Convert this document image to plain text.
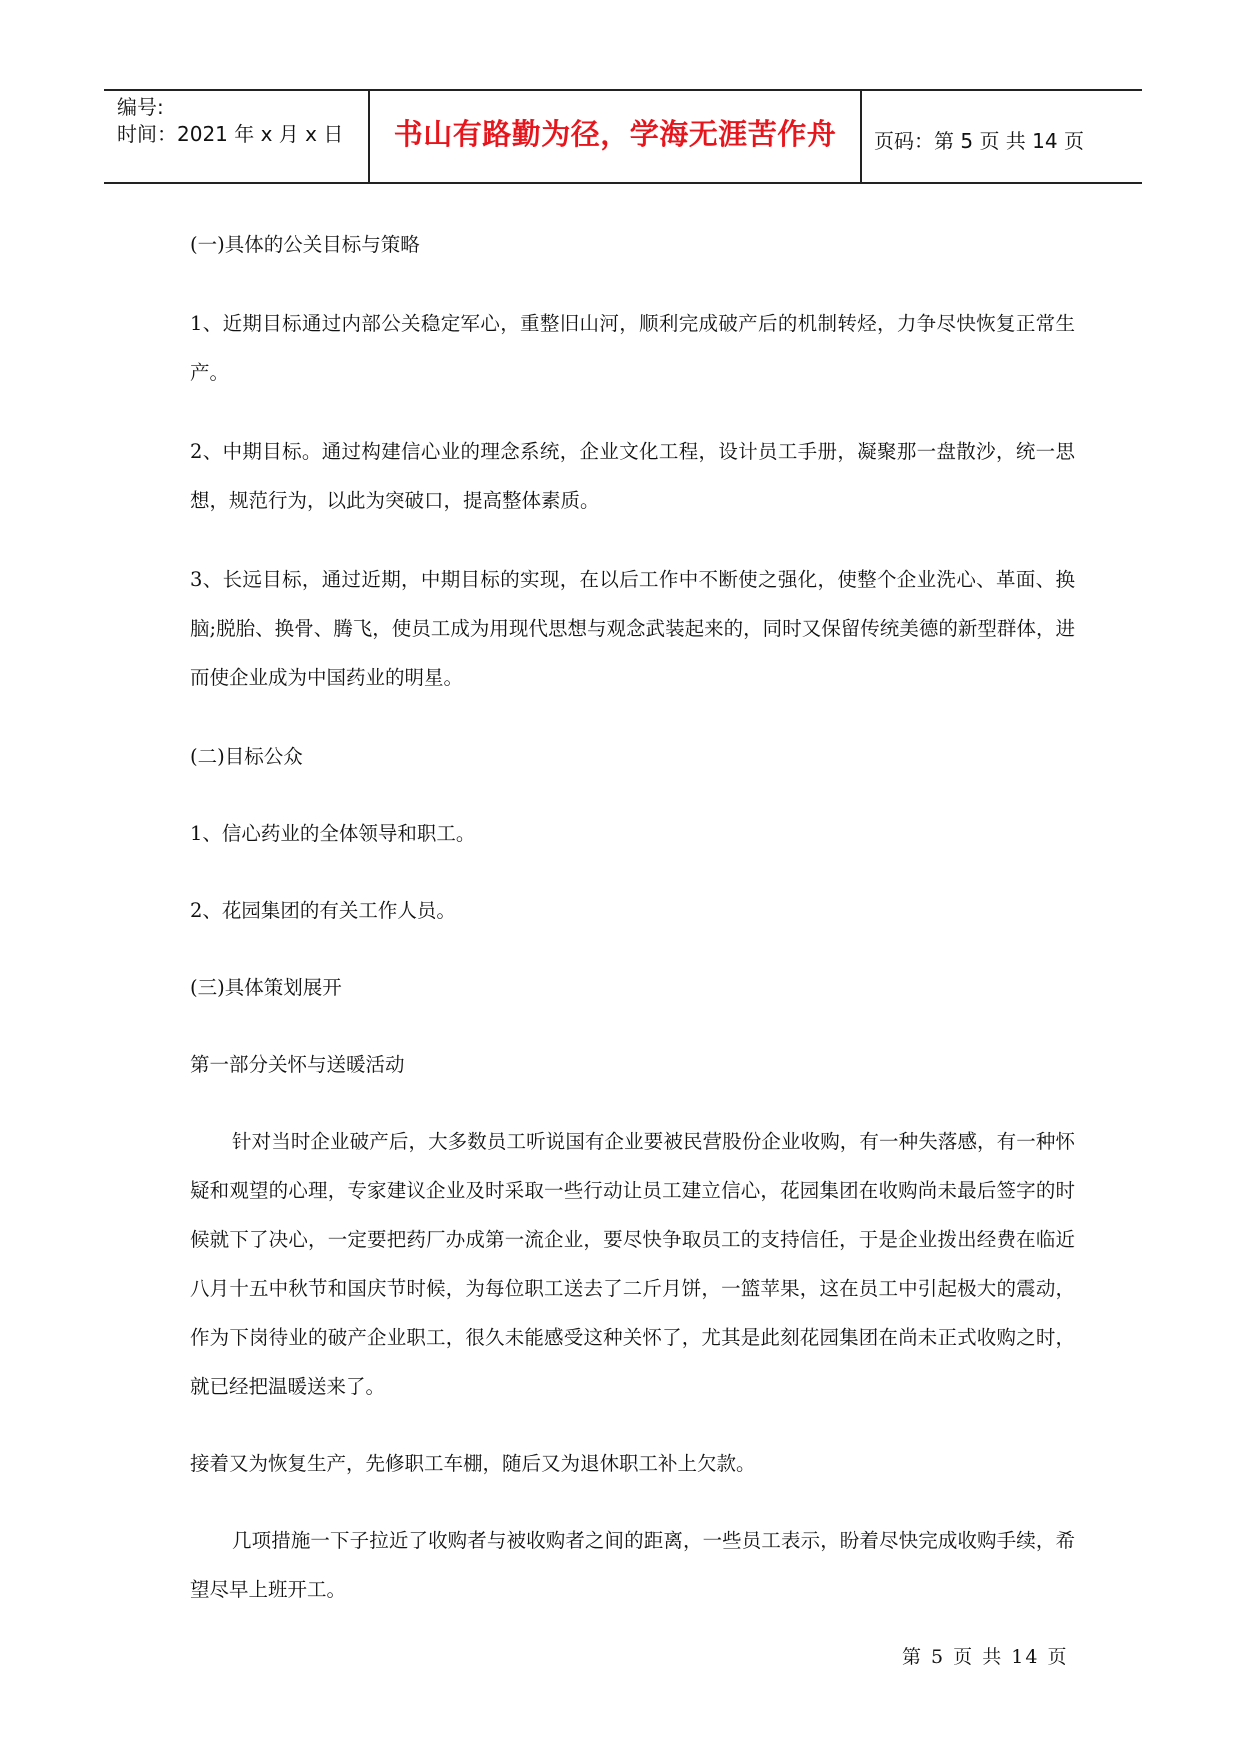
编号:
时间：2021 年 x 月 x 日	书山有路勤为径，学海无涯苦作舟	页码：第 5 页 共 14 页

(一)具体的公关目标与策略

1、近期目标通过内部公关稳定军心，重整旧山河，顺利完成破产后的机制转烃，力争尽快恢复正常生产。

2、中期目标。通过构建信心业的理念系统，企业文化工程，设计员工手册，凝聚那一盘散沙，统一思想，规范行为，以此为突破口，提高整体素质。

3、长远目标，通过近期，中期目标的实现，在以后工作中不断使之强化，使整个企业洗心、革面、换脑;脱胎、换骨、腾飞，使员工成为用现代思想与观念武装起来的，同时又保留传统美德的新型群体，进而使企业成为中国药业的明星。

(二)目标公众

1、信心药业的全体领导和职工。

2、花园集团的有关工作人员。

(三)具体策划展开

第一部分关怀与送暖活动

针对当时企业破产后，大多数员工听说国有企业要被民营股份企业收购，有一种失落感，有一种怀疑和观望的心理，专家建议企业及时采取一些行动让员工建立信心，花园集团在收购尚未最后签字的时候就下了决心，一定要把药厂办成第一流企业，要尽快争取员工的支持信任，于是企业拨出经费在临近八月十五中秋节和国庆节时候，为每位职工送去了二斤月饼，一篮苹果，这在员工中引起极大的震动，作为下岗待业的破产企业职工，很久未能感受这种关怀了，尤其是此刻花园集团在尚未正式收购之时，就已经把温暖送来了。

接着又为恢复生产，先修职工车棚，随后又为退休职工补上欠款。

几项措施一下子拉近了收购者与被收购者之间的距离，一些员工表示，盼着尽快完成收购手续，希望尽早上班开工。

第 5 页 共 14 页
